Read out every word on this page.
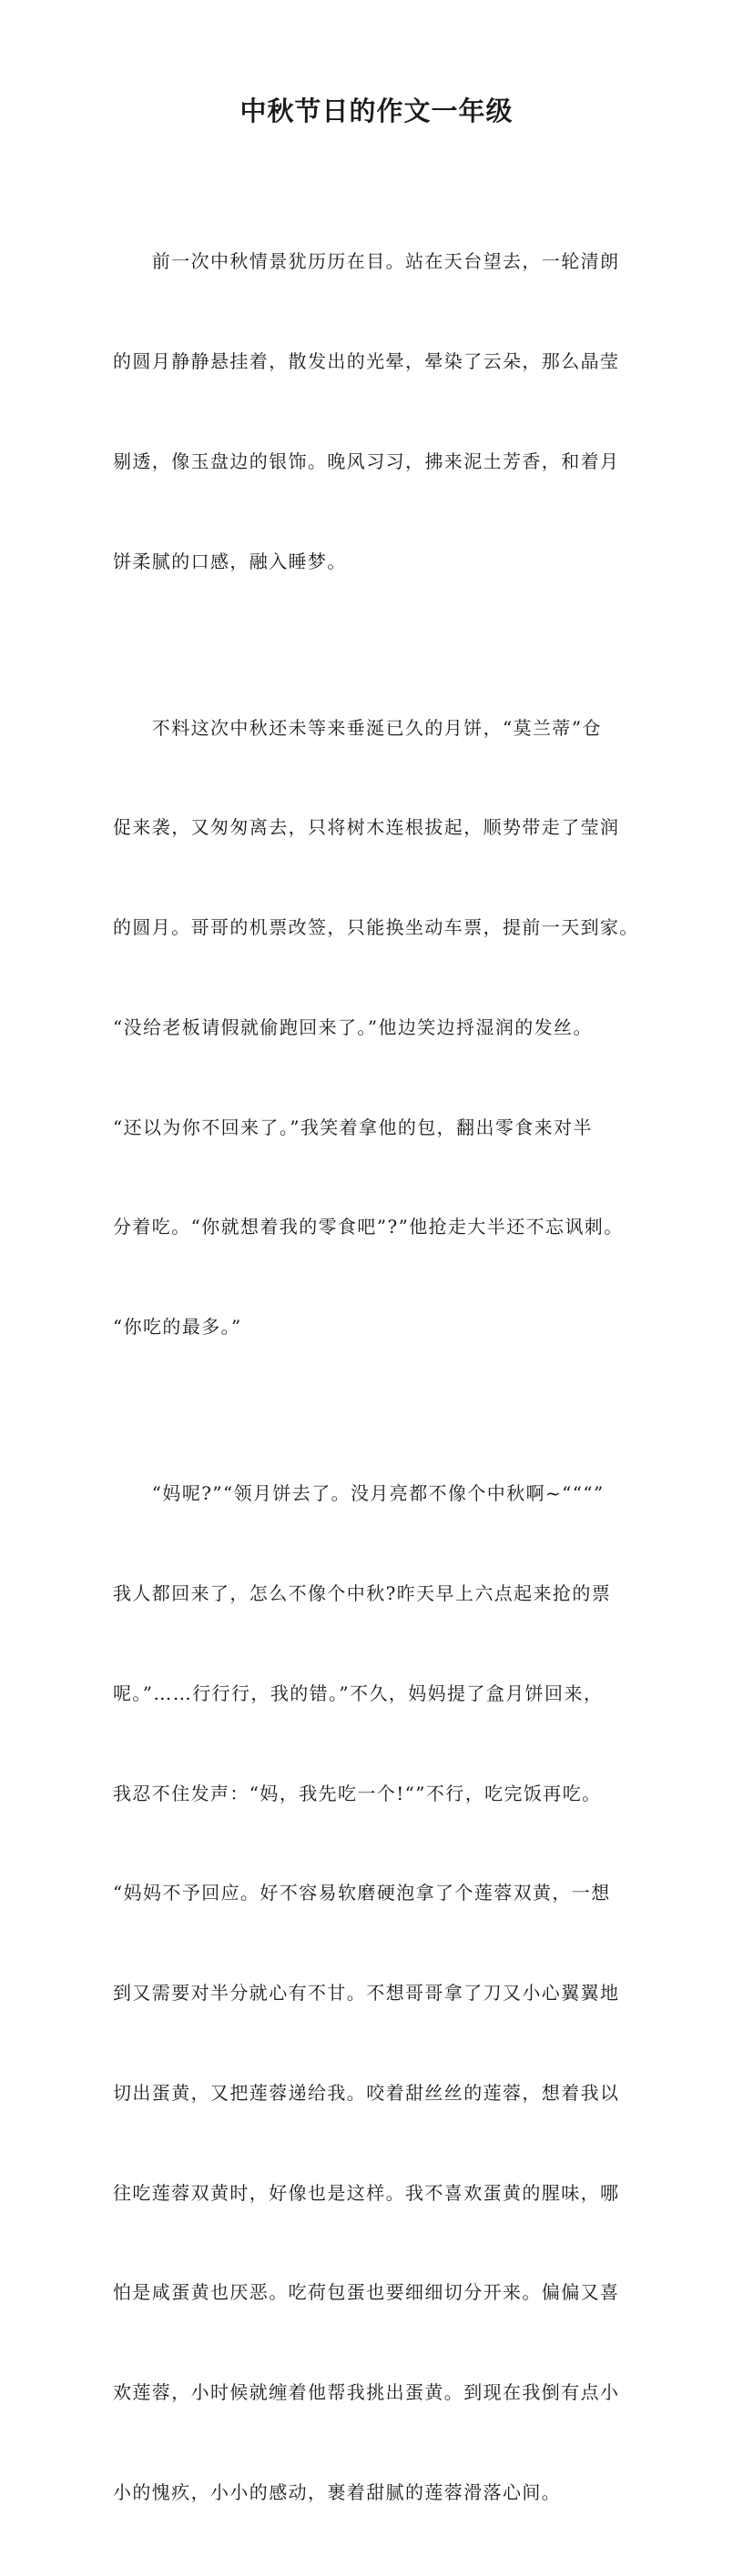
中秋节日的作文一年级

　　前一次中秋情景犹历历在目。站在天台望去，一轮清朗

的圆月静静悬挂着，散发出的光晕，晕染了云朵，那么晶莹

剔透，像玉盘边的银饰。晚风习习，拂来泥土芳香，和着月

饼柔腻的口感，融入睡梦。

　　不料这次中秋还未等来垂涎已久的月饼，“莫兰蒂”仓

促来袭，又匆匆离去，只将树木连根拔起，顺势带走了莹润

的圆月。哥哥的机票改签，只能换坐动车票，提前一天到家。

“没给老板请假就偷跑回来了。”他边笑边捋湿润的发丝。

“还以为你不回来了。”我笑着拿他的包，翻出零食来对半

分着吃。“你就想着我的零食吧”?”他抢走大半还不忘讽刺。

“你吃的最多。”

　　“妈呢?”“领月饼去了。没月亮都不像个中秋啊~“““”

我人都回来了，怎么不像个中秋?昨天早上六点起来抢的票

呢。”……行行行，我的错。”不久，妈妈提了盒月饼回来，

我忍不住发声：“妈，我先吃一个!“”不行，吃完饭再吃。

“妈妈不予回应。好不容易软磨硬泡拿了个莲蓉双黄，一想

到又需要对半分就心有不甘。不想哥哥拿了刀又小心翼翼地

切出蛋黄，又把莲蓉递给我。咬着甜丝丝的莲蓉，想着我以

往吃莲蓉双黄时，好像也是这样。我不喜欢蛋黄的腥味，哪

怕是咸蛋黄也厌恶。吃荷包蛋也要细细切分开来。偏偏又喜

欢莲蓉，小时候就缠着他帮我挑出蛋黄。到现在我倒有点小

小的愧疚，小小的感动，裹着甜腻的莲蓉滑落心间。
